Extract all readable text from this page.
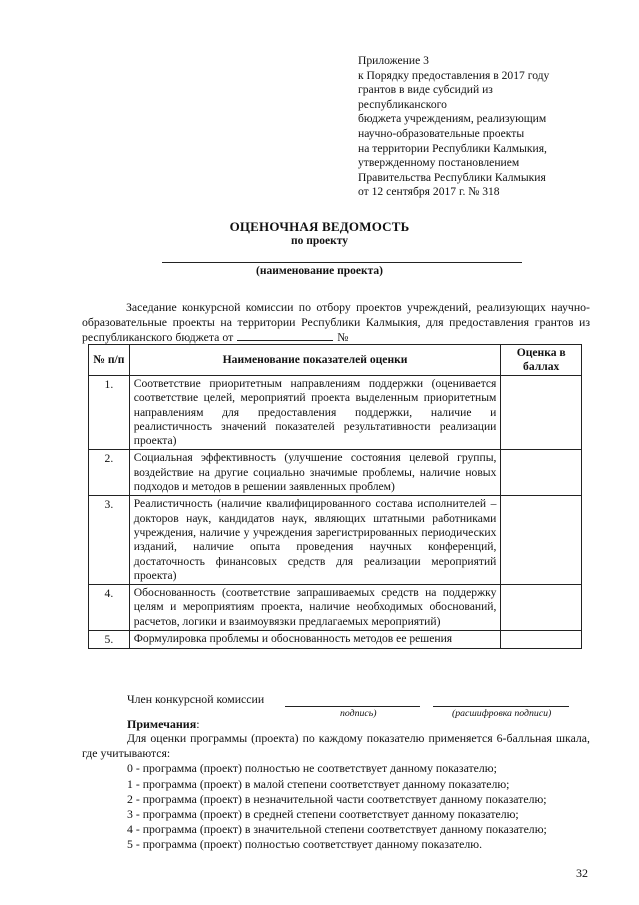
Приложение 3
к Порядку предоставления в 2017 году
грантов в виде субсидий из
республиканского
бюджета учреждениям, реализующим
научно-образовательные проекты
на территории Республики Калмыкия,
утвержденному постановлением
Правительства Республики Калмыкия
от 12 сентября 2017 г. № 318
ОЦЕНОЧНАЯ ВЕДОМОСТЬ
по проекту
(наименование проекта)
Заседание конкурсной комиссии по отбору проектов учреждений, реализующих научно-образовательные проекты на территории Республики Калмыкия, для предоставления грантов из республиканского бюджета от	№
№ п/п	Наименование показателей оценки	Оценка в баллах
1.	Соответствие приоритетным направлениям поддержки (оценивается соответствие целей, мероприятий проекта выделенным приоритетным направлениям для предоставления поддержки, наличие и реалистичность значений показателей результативности реализации проекта)	
2.	Социальная эффективность (улучшение состояния целевой группы, воздействие на другие социально значимые проблемы, наличие новых подходов и методов в решении заявленных проблем)	
3.	Реалистичность (наличие квалифицированного состава исполнителей – докторов наук, кандидатов наук, являющих штатными работниками учреждения, наличие у учреждения зарегистрированных периодических изданий, наличие опыта проведения научных конференций, достаточность финансовых средств для реализации мероприятий проекта)	
4.	Обоснованность (соответствие запрашиваемых средств на поддержку целям и мероприятиям проекта, наличие необходимых обоснований, расчетов, логики и взаимоувязки предлагаемых мероприятий)	
5.	Формулировка проблемы и обоснованность методов ее решения	
Член конкурсной комиссии
подпись)	(расшифровка подписи)
Примечания:
Для оценки программы (проекта) по каждому показателю применяется 6-балльная шкала, где учитываются:
0 - программа (проект) полностью не соответствует данному показателю;
1 - программа (проект) в малой степени соответствует данному показателю;
2 - программа (проект) в незначительной части соответствует данному показателю;
3 - программа (проект) в средней степени соответствует данному показателю;
4 - программа (проект) в значительной степени соответствует данному показателю;
5 - программа (проект) полностью соответствует данному показателю.
32
